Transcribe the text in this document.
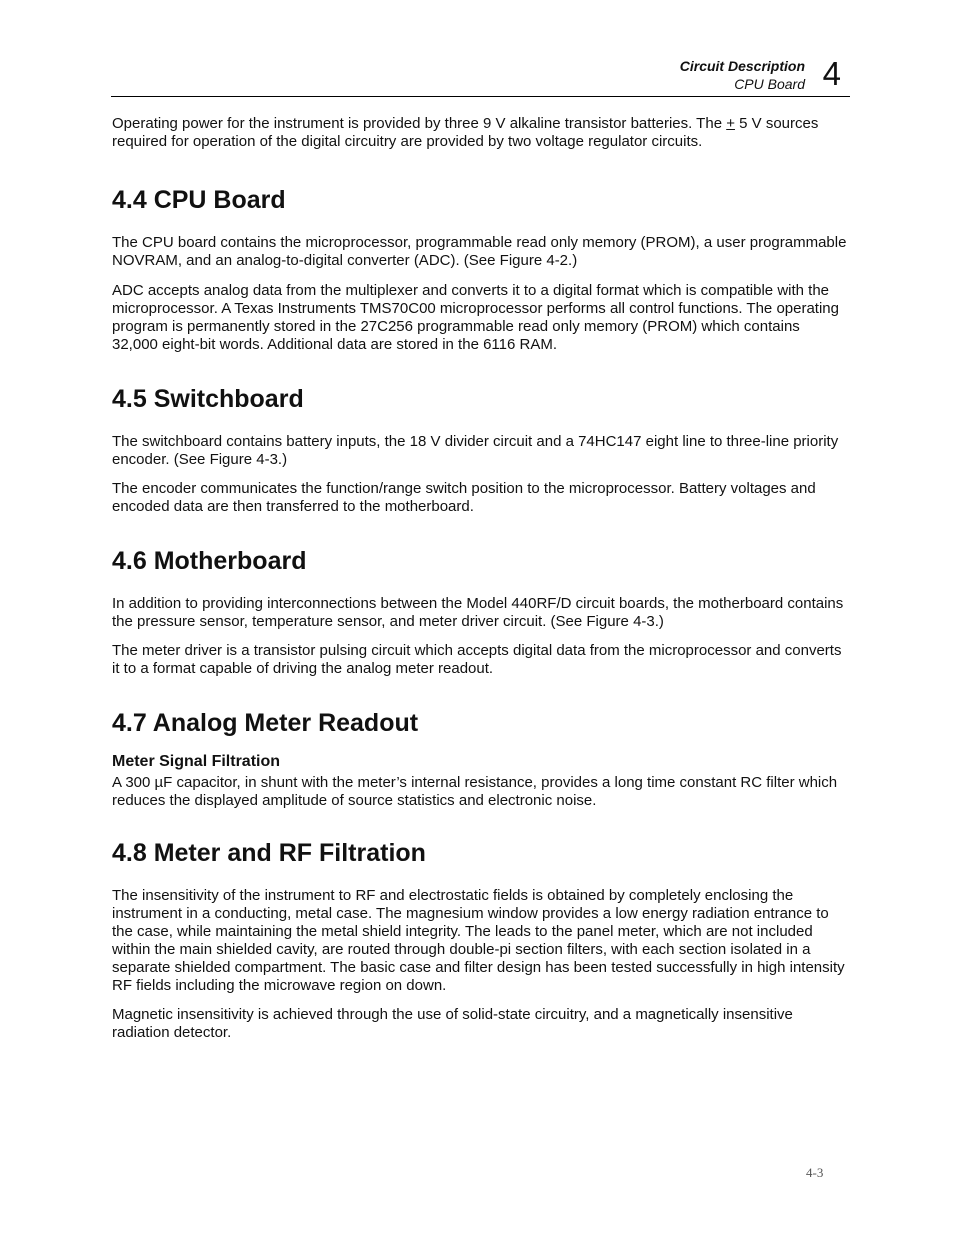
Circuit Description
CPU Board 4

Operating power for the instrument is provided by three 9 V alkaline transistor batteries. The + 5 V sources required for operation of the digital circuitry are provided by two voltage regulator circuits.

4.4 CPU Board

The CPU board contains the microprocessor, programmable read only memory (PROM), a user programmable NOVRAM, and an analog-to-digital converter (ADC). (See Figure 4-2.)

ADC accepts analog data from the multiplexer and converts it to a digital format which is compatible with the microprocessor. A Texas Instruments TMS70C00 microprocessor performs all control functions. The operating program is permanently stored in the 27C256 programmable read only memory (PROM) which contains 32,000 eight-bit words. Additional data are stored in the 6116 RAM.

4.5 Switchboard

The switchboard contains battery inputs, the 18 V divider circuit and a 74HC147 eight line to three-line priority encoder. (See Figure 4-3.)

The encoder communicates the function/range switch position to the microprocessor. Battery voltages and encoded data are then transferred to the motherboard.

4.6 Motherboard

In addition to providing interconnections between the Model 440RF/D circuit boards, the motherboard contains the pressure sensor, temperature sensor, and meter driver circuit. (See Figure 4-3.)

The meter driver is a transistor pulsing circuit which accepts digital data from the microprocessor and converts it to a format capable of driving the analog meter readout.

4.7 Analog Meter Readout
Meter Signal Filtration

A 300 µF capacitor, in shunt with the meter’s internal resistance, provides a long time constant RC filter which reduces the displayed amplitude of source statistics and electronic noise.

4.8 Meter and RF Filtration

The insensitivity of the instrument to RF and electrostatic fields is obtained by completely enclosing the instrument in a conducting, metal case. The magnesium window provides a low energy radiation entrance to the case, while maintaining the metal shield integrity. The leads to the panel meter, which are not included within the main shielded cavity, are routed through double-pi section filters, with each section isolated in a separate shielded compartment. The basic case and filter design has been tested successfully in high intensity RF fields including the microwave region on down.

Magnetic insensitivity is achieved through the use of solid-state circuitry, and a magnetically insensitive radiation detector.

4-3
